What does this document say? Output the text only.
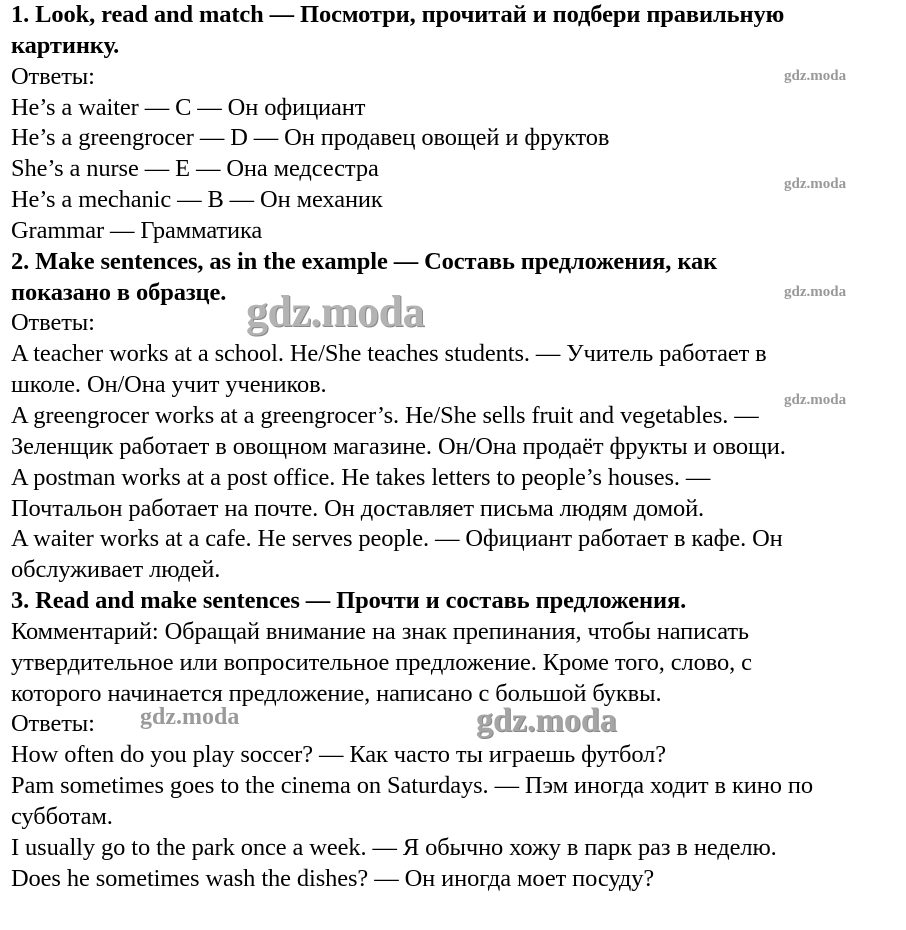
1. Look, read and match — Посмотри, прочитай и подбери правильную
картинку.
Ответы:
He’s a waiter — C — Он официант
He’s a greengrocer — D — Он продавец овощей и фруктов
She’s a nurse — E — Она медсестра
He’s a mechanic — B — Он механик
Grammar — Грамматика
2. Make sentences, as in the example — Составь предложения, как
показано в образце.
Ответы:
A teacher works at a school. He/She teaches students. — Учитель работает в
школе. Он/Она учит учеников.
A greengrocer works at a greengrocer’s. He/She sells fruit and vegetables. —
Зеленщик работает в овощном магазине. Он/Она продаёт фрукты и овощи.
A postman works at a post office. He takes letters to people’s houses. —
Почтальон работает на почте. Он доставляет письма людям домой.
A waiter works at a cafe. He serves people. — Официант работает в кафе. Он
обслуживает людей.
3. Read and make sentences — Прочти и составь предложения.
Комментарий: Обращай внимание на знак препинания, чтобы написать
утвердительное или вопросительное предложение. Кроме того, слово, с
которого начинается предложение, написано с большой буквы.
Ответы:
How often do you play soccer? — Как часто ты играешь футбол?
Pam sometimes goes to the cinema on Saturdays. — Пэм иногда ходит в кино по
субботам.
I usually go to the park once a week. — Я обычно хожу в парк раз в неделю.
Does he sometimes wash the dishes? — Он иногда моет посуду?
gdz.moda
gdz.moda
gdz.moda
gdz.moda
gdz.moda
gdz.moda	gdz.moda
